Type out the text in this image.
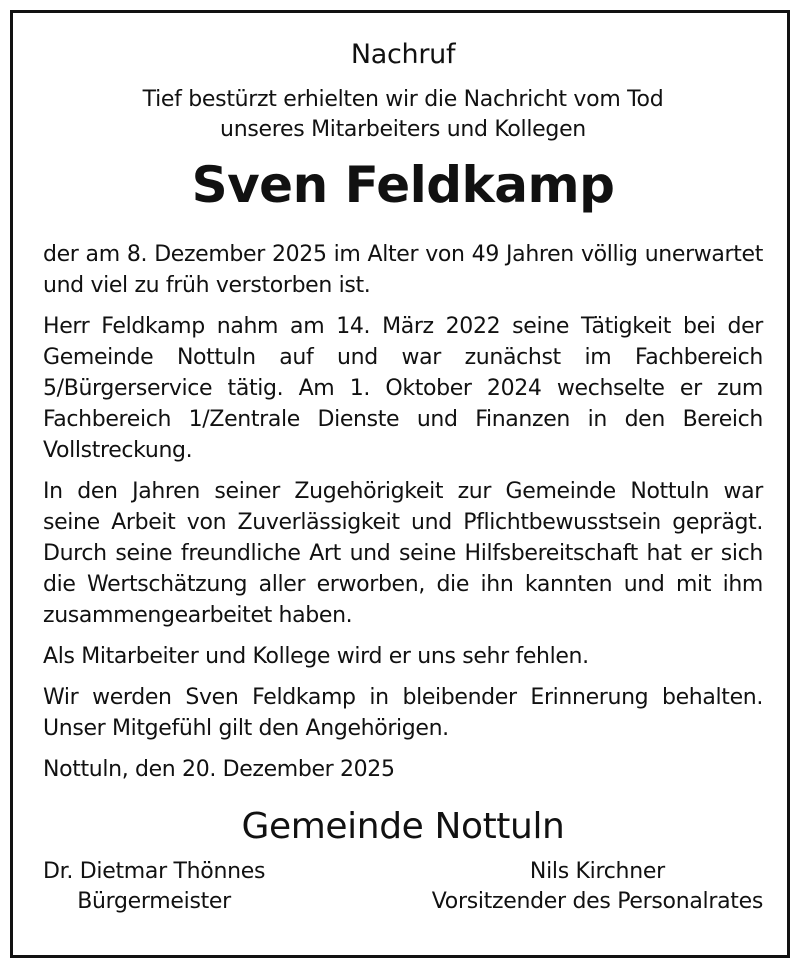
Nachruf

Tief bestürzt erhielten wir die Nachricht vom Tod

unseres Mitarbeiters und Kollegen

Sven Feldkamp

der am 8. Dezember 2025 im Alter von 49 Jahren völlig unerwartet und viel zu früh verstorben ist.

Herr Feldkamp nahm am 14. März 2022 seine Tätigkeit bei der Gemeinde Nottuln auf und war zunächst im Fachbereich 5/Bürgerservice tätig. Am 1. Oktober 2024 wechselte er zum Fachbereich 1/Zentrale Dienste und Finanzen in den Bereich Vollstreckung.

In den Jahren seiner Zugehörigkeit zur Gemeinde Nottuln war seine Arbeit von Zuverlässigkeit und Pflichtbewusstsein geprägt. Durch seine freundliche Art und seine Hilfsbereitschaft hat er sich die Wertschätzung aller erworben, die ihn kannten und mit ihm zusammengearbeitet haben.

Als Mitarbeiter und Kollege wird er uns sehr fehlen.

Wir werden Sven Feldkamp in bleibender Erinnerung behalten. Unser Mitgefühl gilt den Angehörigen.

Nottuln, den 20. Dezember 2025

Gemeinde Nottuln

Dr. Dietmar Thönnes
Bürgermeister
Nils Kirchner
Vorsitzender des Personalrates
